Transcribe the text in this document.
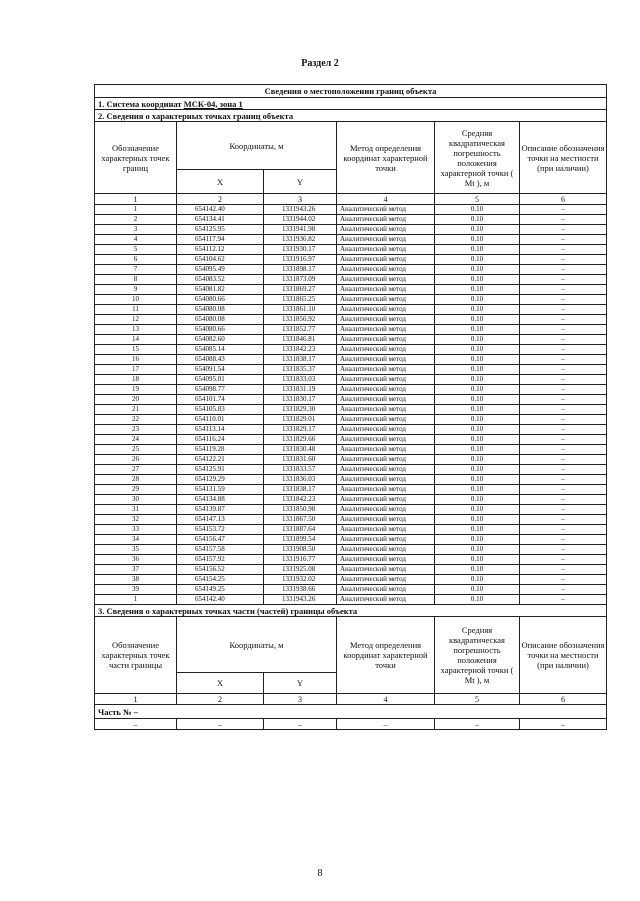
Раздел 2
Сведения о местоположении границ объекта					
1. Система координат МСК-04, зона 1					
2. Сведения о характерных точках границ объекта					
Обозначение характерных точек границ	Координаты, м		Метод определения координат характерной точки	Средняя квадратическая погрешность положения характерной точки ( Mt ), м	Описание обозначения точки на местности (при наличии)
	X	Y			
1	2	3	4	5	6
1	654142.40	1331943.26	Аналитический метод	0.10	–
2	654134.41	1331944.02	Аналитический метод	0.10	–
3	654125.95	1331941.98	Аналитический метод	0.10	–
4	654117.94	1331936.82	Аналитический метод	0.10	–
5	654112.12	1331930.17	Аналитический метод	0.10	–
6	654104.62	1331916.97	Аналитический метод	0.10	–
7	654095.49	1331898.17	Аналитический метод	0.10	–
8	654083.52	1331873.09	Аналитический метод	0.10	–
9	654081.82	1331869.27	Аналитический метод	0.10	–
10	654080.66	1331865.25	Аналитический метод	0.10	–
11	654080.08	1331861.10	Аналитический метод	0.10	–
12	654080.08	1331856.92	Аналитический метод	0.10	–
13	654080.66	1331852.77	Аналитический метод	0.10	–
14	654082.60	1331846.81	Аналитический метод	0.10	–
15	654085.14	1331842.23	Аналитический метод	0.10	–
16	654088.43	1331838.17	Аналитический метод	0.10	–
17	654091.54	1331835.37	Аналитический метод	0.10	–
18	654095.01	1331833.03	Аналитический метод	0.10	–
19	654098.77	1331831.19	Аналитический метод	0.10	–
20	654101.74	1331830.17	Аналитический метод	0.10	–
21	654105.83	1331829.30	Аналитический метод	0.10	–
22	654110.01	1331829.01	Аналитический метод	0.10	–
23	654113.14	1331829.17	Аналитический метод	0.10	–
24	654116.24	1331829.66	Аналитический метод	0.10	–
25	654119.28	1331830.48	Аналитический метод	0.10	–
26	654122.21	1331831.60	Аналитический метод	0.10	–
27	654125.91	1331833.57	Аналитический метод	0.10	–
28	654129.29	1331836.03	Аналитический метод	0.10	–
29	654131.59	1331838.17	Аналитический метод	0.10	–
30	654134.88	1331842.23	Аналитический метод	0.10	–
31	654139.87	1331850.98	Аналитический метод	0.10	–
32	654147.13	1331867.50	Аналитический метод	0.10	–
33	654153.72	1331887.64	Аналитический метод	0.10	–
34	654156.47	1331899.54	Аналитический метод	0.10	–
35	654157.58	1331908.50	Аналитический метод	0.10	–
36	654157.92	1331916.77	Аналитический метод	0.10	–
37	654156.52	1331925.08	Аналитический метод	0.10	–
38	654154.25	1331932.02	Аналитический метод	0.10	–
39	654149.25	1331938.66	Аналитический метод	0.10	–
1	654142.40	1331943.26	Аналитический метод	0.10	–
3. Сведения о характерных точках части (частей) границы объекта					
Обозначение характерных точек части границы	Координаты, м		Метод определения координат характерной точки	Средняя квадратическая погрешность положения характерной точки ( Mt ), м	Описание обозначения точки на местности (при наличии)
	X	Y			
1	2	3	4	5	6
Часть № –					
–	–	–	–	–	–
8
